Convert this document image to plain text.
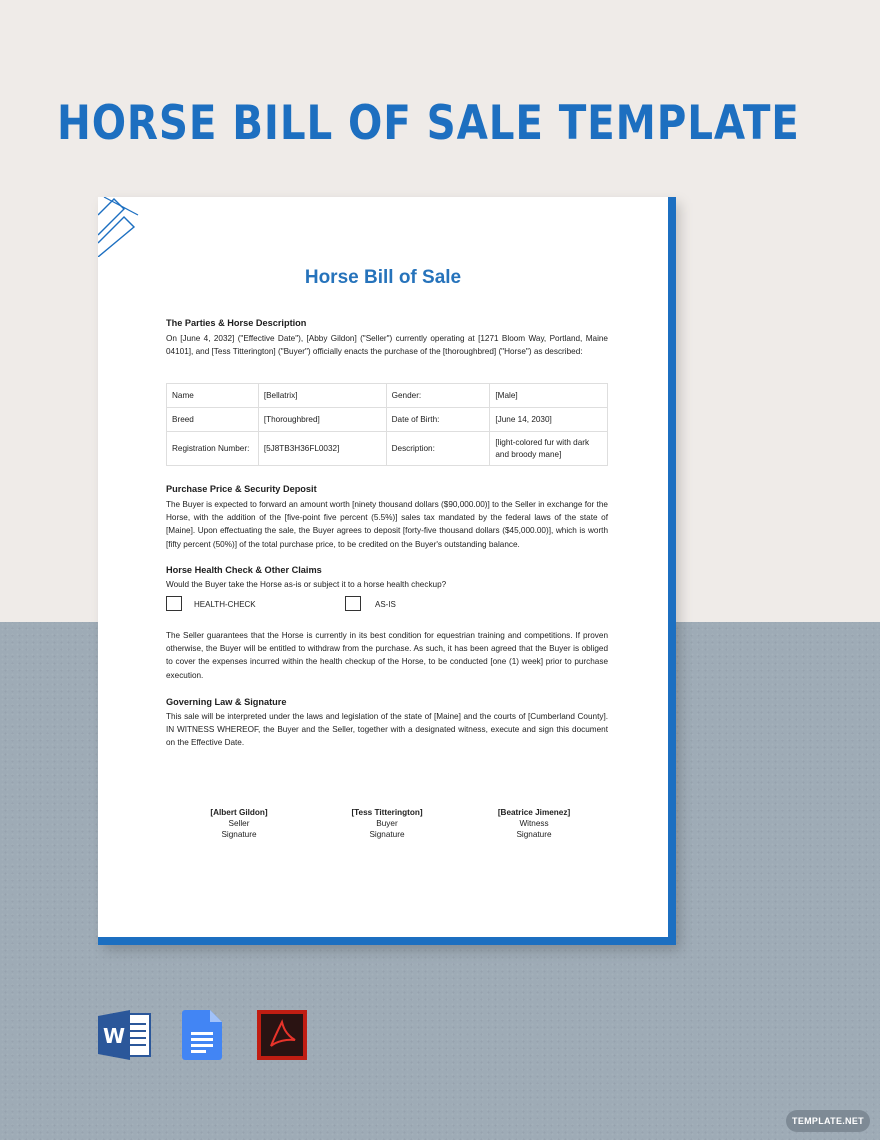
HORSE BILL OF SALE TEMPLATE
Horse Bill of Sale
The Parties & Horse Description
On [June 4, 2032] ("Effective Date"), [Abby Gildon] ("Seller") currently operating at [1271 Bloom Way, Portland, Maine 04101], and [Tess Titterington] ("Buyer") officially enacts the purchase of the [thoroughbred] ("Horse") as described:
Name	[Bellatrix]	Gender:	[Male]
Breed	[Thoroughbred]	Date of Birth:	[June 14, 2030]
Registration Number:	[5J8TB3H36FL0032]	Description:	[light-colored fur with dark and broody mane]
Purchase Price & Security Deposit
The Buyer is expected to forward an amount worth [ninety thousand dollars ($90,000.00)] to the Seller in exchange for the Horse, with the addition of the [five-point five percent (5.5%)] sales tax mandated by the federal laws of the state of [Maine]. Upon effectuating the sale, the Buyer agrees to deposit [forty-five thousand dollars ($45,000.00)], which is worth [fifty percent (50%)] of the total purchase price, to be credited on the Buyer's outstanding balance.
Horse Health Check & Other Claims
Would the Buyer take the Horse as-is or subject it to a horse health checkup?
HEALTH-CHECK	AS-IS
The Seller guarantees that the Horse is currently in its best condition for equestrian training and competitions. If proven otherwise, the Buyer will be entitled to withdraw from the purchase. As such, it has been agreed that the Buyer is obliged to cover the expenses incurred within the health checkup of the Horse, to be conducted [one (1) week] prior to purchase execution.
Governing Law & Signature
This sale will be interpreted under the laws and legislation of the state of [Maine] and the courts of [Cumberland County]. IN WITNESS WHEREOF, the Buyer and the Seller, together with a designated witness, execute and sign this document on the Effective Date.
[Albert Gildon]
Seller
Signature
[Tess Titterington]
Buyer
Signature
[Beatrice Jimenez]
Witness
Signature
W
TEMPLATE.NET
